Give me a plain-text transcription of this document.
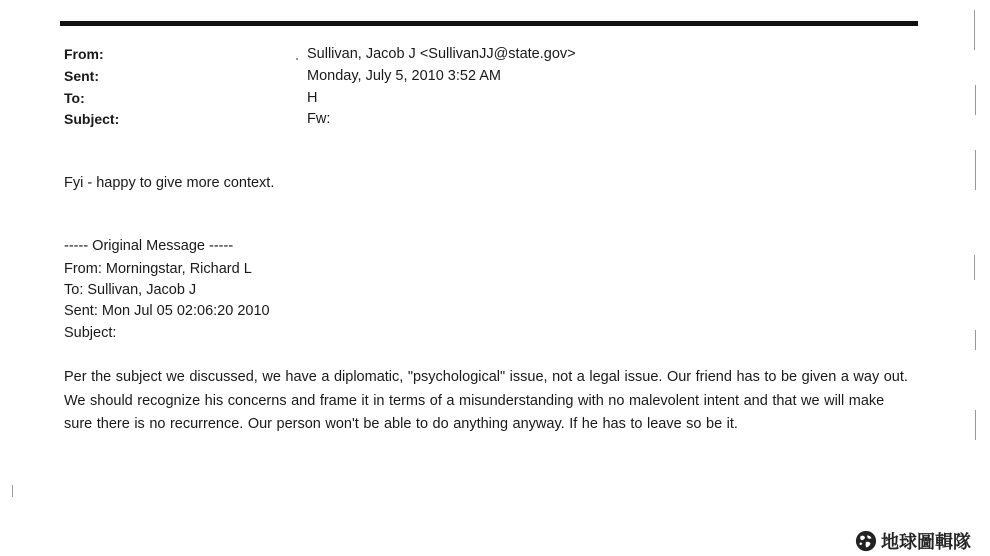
From:	Sullivan, Jacob J <SullivanJJ@state.gov>
Sent:	Monday, July 5, 2010 3:52 AM
To:	H
Subject:	Fw:
Fyi - happy to give more context.
----- Original Message -----
From: Morningstar, Richard L
To: Sullivan, Jacob J
Sent: Mon Jul 05 02:06:20 2010
Subject:
Per the subject we discussed, we have a diplomatic, "psychological" issue, not a legal issue. Our friend has to be given a way out. We should recognize his concerns and frame it in terms of a misunderstanding with no malevolent intent and that we will make sure there is no recurrence. Our person won't be able to do anything anyway. If he has to leave so be it.
地球圖輯隊
